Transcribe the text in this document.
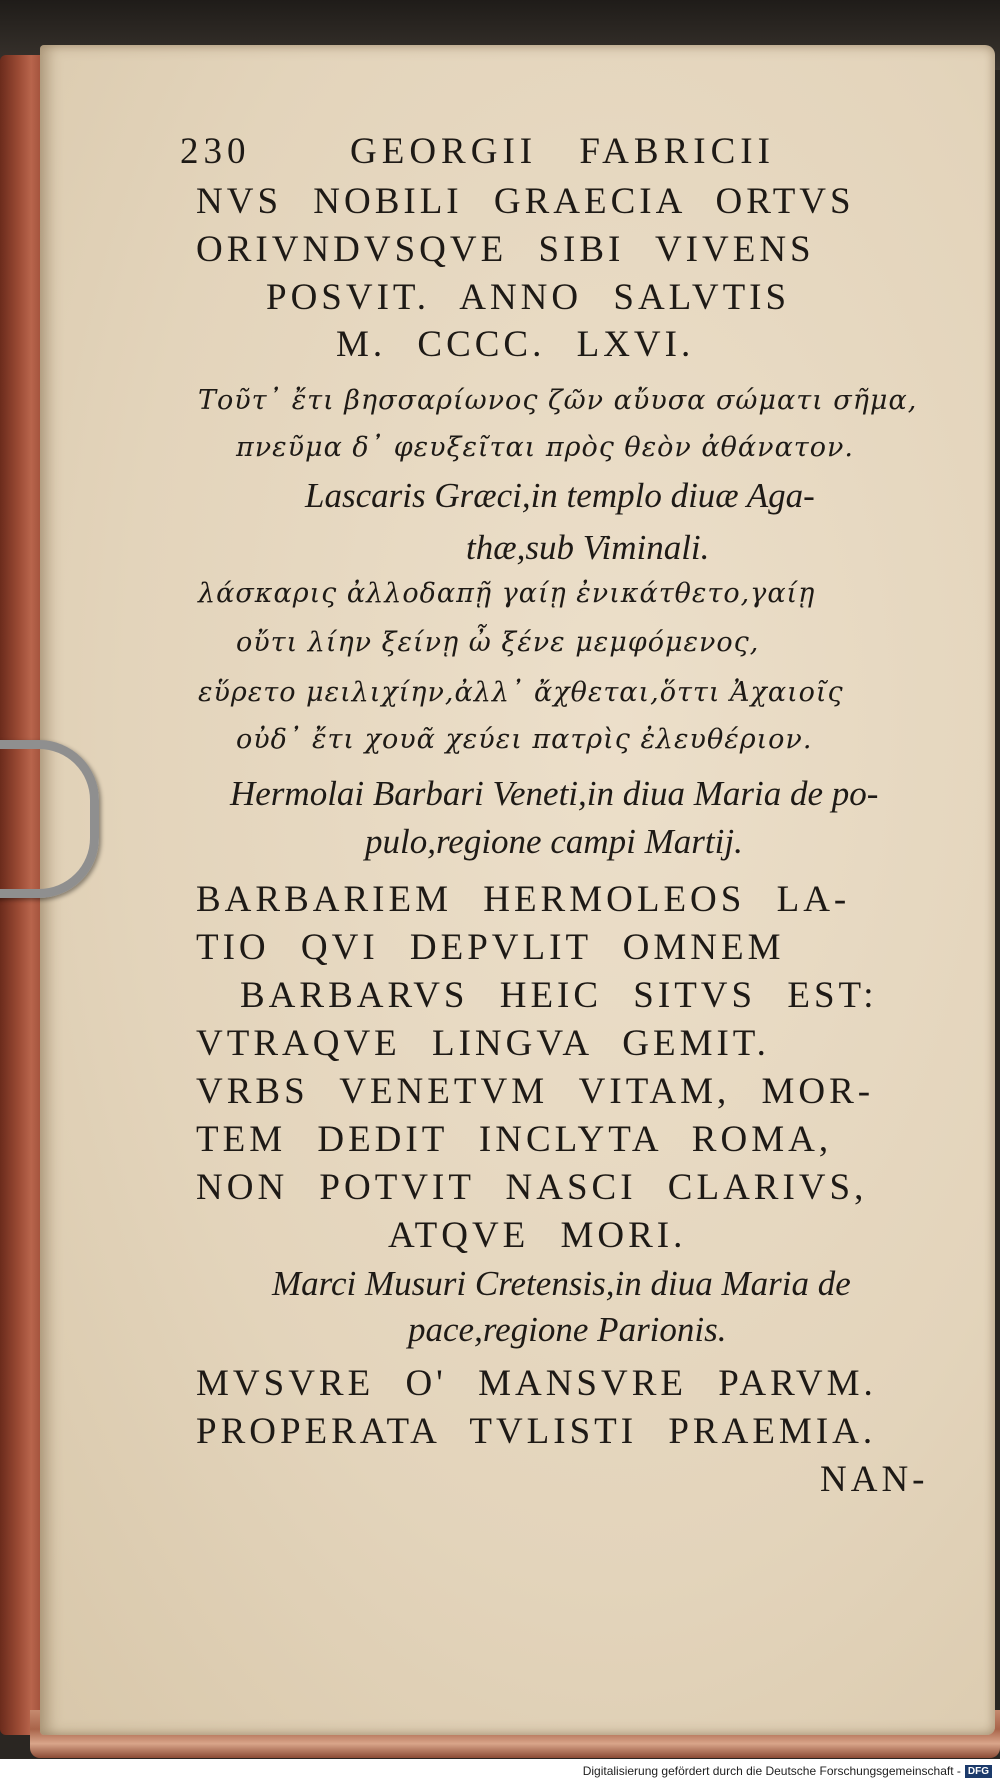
230	GEORGII FABRICII
NVS NOBILI GRAECIA ORTVS
ORIVNDVSQVE SIBI VIVENS
POSVIT. ANNO SALVTIS
M. CCCC. LXVI.
Τοῦτ᾽ ἔτι βησσαρίωνος ζῶν αὔυσα σώματι σῆμα,
πνεῦμα δ᾽ φευξεῖται πρὸς θεὸν ἀθάνατον.
Lascaris Græci,in templo diuæ Aga-
thæ,sub Viminali.
λάσκαρις ἀλλοδαπῇ γαίῃ ἐνικάτθετο,γαίῃ
οὔτι λίην ξείνῃ ὦ ξένε μεμφόμενος,
εὕρετο μειλιχίην,ἀλλ᾽ ἄχθεται,ὅττι Ἀχαιοῖς
οὐδ᾽ ἔτι χουᾶ χεύει πατρὶς ἐλευθέριον.
Hermolai Barbari Veneti,in diua Maria de po-
pulo,regione campi Martij.
BARBARIEM HERMOLEOS LA-
TIO QVI DEPVLIT OMNEM
BARBARVS HEIC SITVS EST:
VTRAQVE LINGVA GEMIT.
VRBS VENETVM VITAM, MOR-
TEM DEDIT INCLYTA ROMA,
NON POTVIT NASCI CLARIVS,
ATQVE MORI.
Marci Musuri Cretensis,in diua Maria de
pace,regione Parionis.
MVSVRE O' MANSVRE PARVM.
PROPERATA TVLISTI PRAEMIA.
NAN-
Digitalisierung gefördert durch die Deutsche Forschungsgemeinschaft - DFG
